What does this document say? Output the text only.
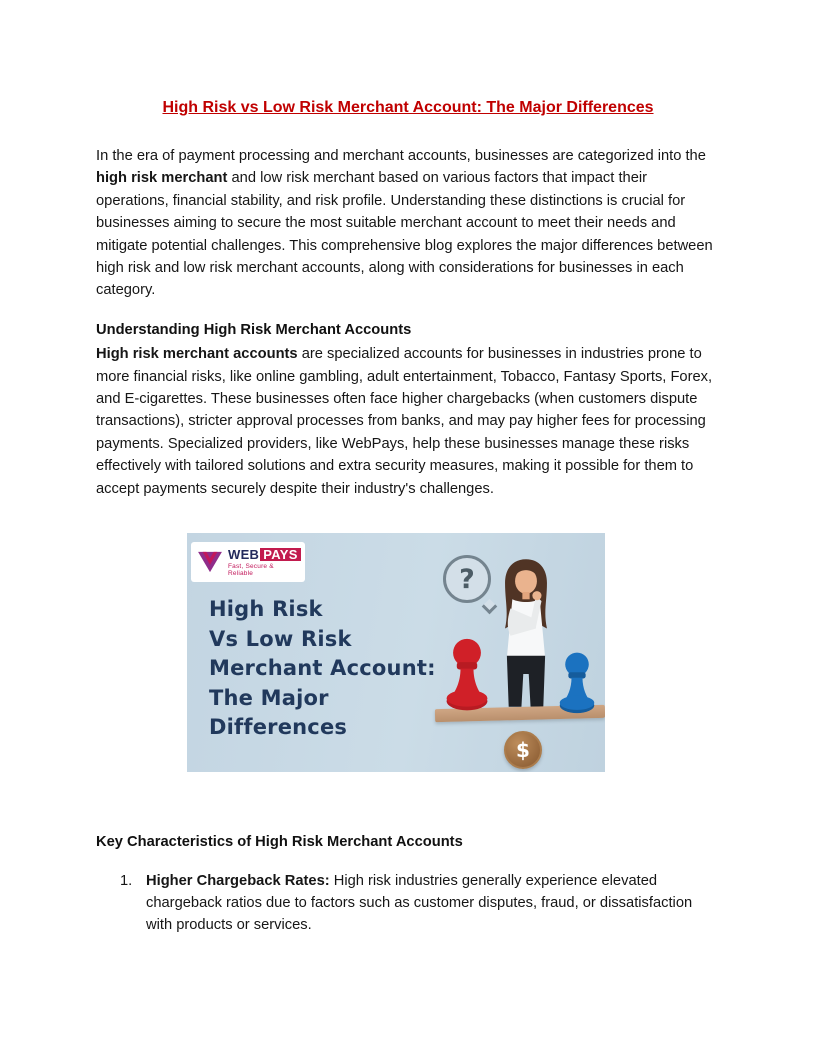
High Risk vs Low Risk Merchant Account: The Major Differences

In the era of payment processing and merchant accounts, businesses are categorized into the high risk merchant and low risk merchant based on various factors that impact their operations, financial stability, and risk profile. Understanding these distinctions is crucial for businesses aiming to secure the most suitable merchant account to meet their needs and mitigate potential challenges. This comprehensive blog explores the major differences between high risk and low risk merchant accounts, along with considerations for businesses in each category.

Understanding High Risk Merchant Accounts

High risk merchant accounts are specialized accounts for businesses in industries prone to more financial risks, like online gambling, adult entertainment, Tobacco, Fantasy Sports, Forex, and E-cigarettes. These businesses often face higher chargebacks (when customers dispute transactions), stricter approval processes from banks, and may pay higher fees for processing payments. Specialized providers, like WebPays, help these businesses manage these risks effectively with tailored solutions and extra security measures, making it possible for them to accept payments securely despite their industry's challenges.

WEB PAYS
Fast, Secure & Reliable
High Risk
Vs Low Risk
Merchant Account:
The Major
Differences
?
$
Key Characteristics of High Risk Merchant Accounts
1. Higher Chargeback Rates: High risk industries generally experience elevated chargeback ratios due to factors such as customer disputes, fraud, or dissatisfaction with products or services.
